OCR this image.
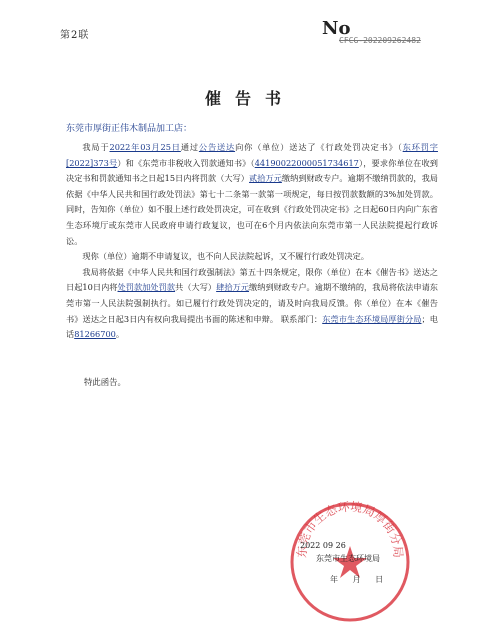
第2联	No
CFCG-202209262482
催告书
东莞市厚街正伟木制品加工店：

我局于2022年03月25日通过公告送达向你（单位）送达了《行政处罚决定书》（东环罚字[2022]373号）和《东莞市非税收入罚款通知书》（44190022000051734617），要求你单位在收到决定书和罚款通知书之日起15日内将罚款（大写）贰拾万元缴纳到财政专户。逾期不缴纳罚款的，我局依据《中华人民共和国行政处罚法》第七十二条第一款第一项规定，每日按罚款数额的3%加处罚款。同时，告知你（单位）如不服上述行政处罚决定，可在收到《行政处罚决定书》之日起60日内向广东省生态环境厅或东莞市人民政府申请行政复议，也可在6个月内依法向东莞市第一人民法院提起行政诉讼。

现你（单位）逾期不申请复议，也不向人民法院起诉，又不履行行政处罚决定。

我局将依据《中华人民共和国行政强制法》第五十四条规定，限你（单位）在本《催告书》送达之日起10日内将处罚款加处罚款共（大写）肆拾万元缴纳到财政专户。逾期不缴纳的，我局将依法申请东莞市第一人民法院强制执行。如已履行行政处罚决定的，请及时向我局反馈。你（单位）在本《催告书》送达之日起3日内有权向我局提出书面的陈述和申辩。 联系部门：东莞市生态环境局厚街分局；电话81266700。

特此函告。
东莞市生态环境局厚街分局
2022 09 26
东莞市生态环境局
年 月 日
